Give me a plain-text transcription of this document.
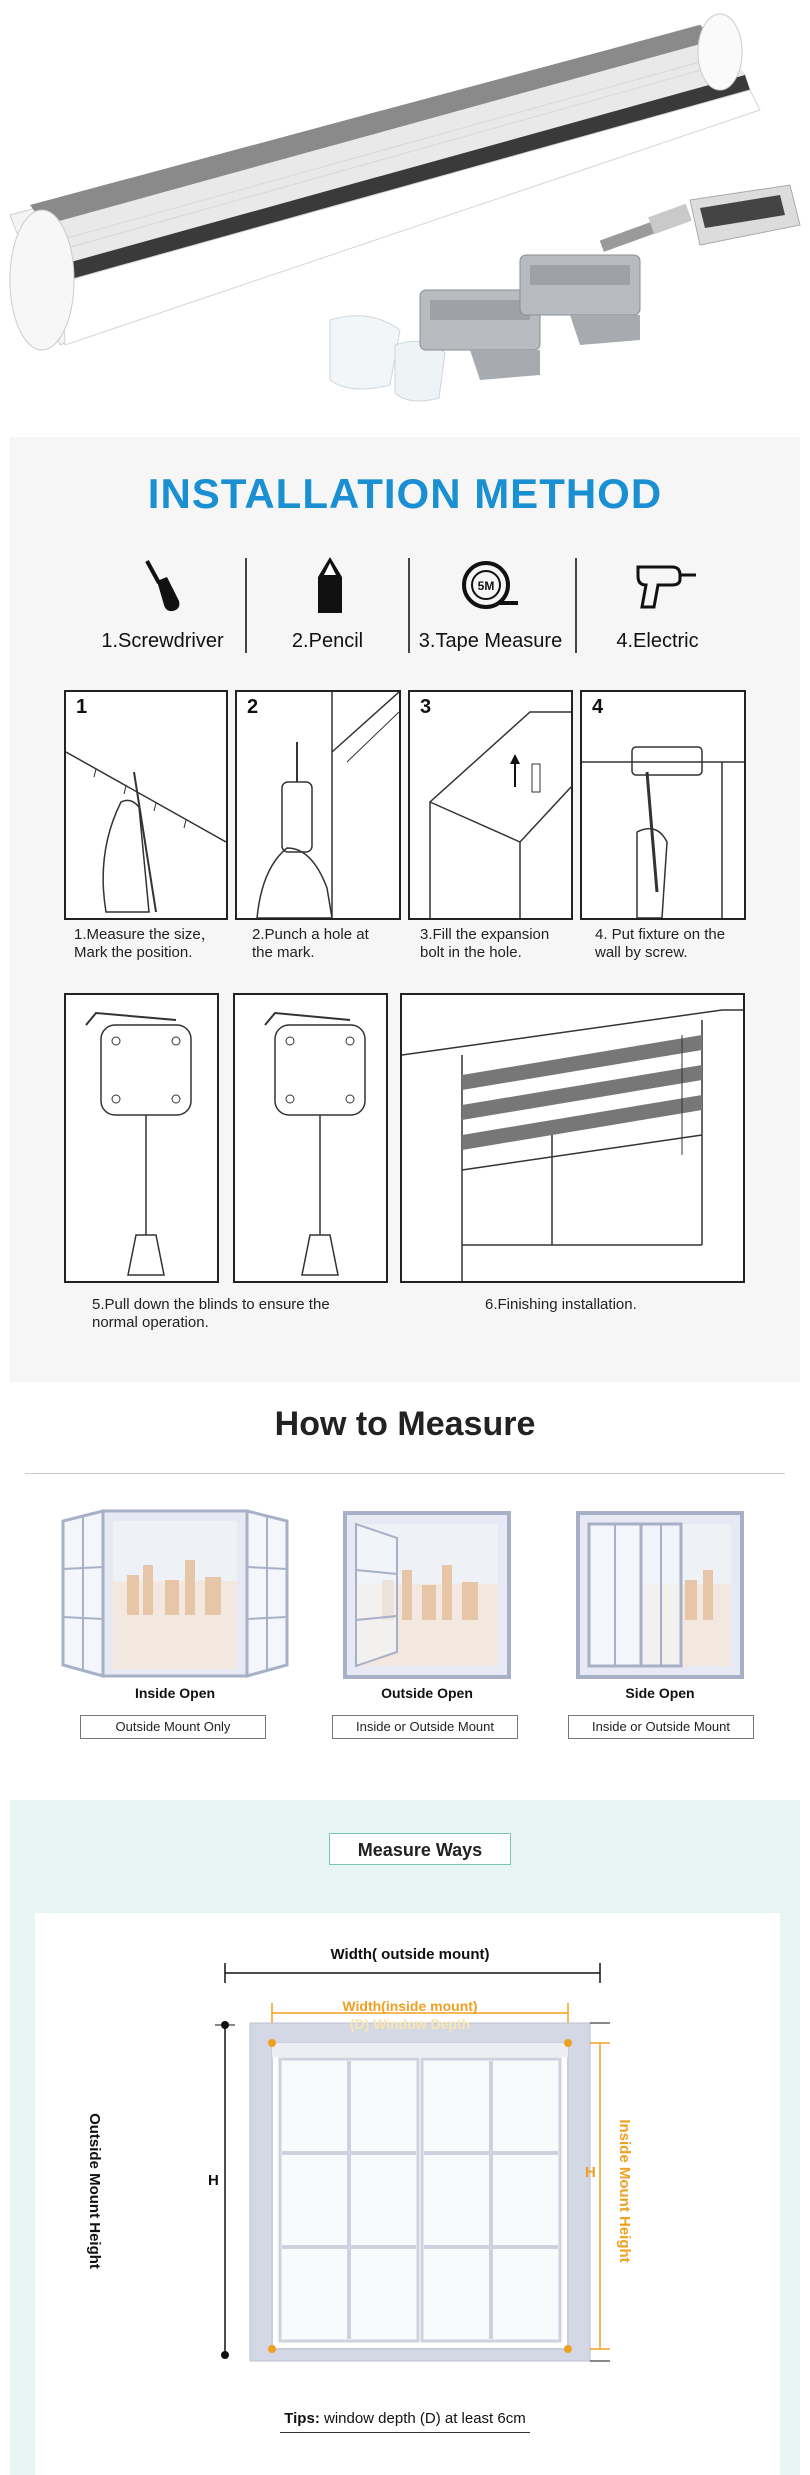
INSTALLATION METHOD
5M
1.Screwdriver	2.Pencil	3.Tape Measure	4.Electric
1	2	3	4
1.Measure the size，
Mark the position.
2.Punch a hole at
the mark.
3.Fill the expansion
bolt in the hole.
4. Put fixture on the
wall by screw.
5.Pull down the blinds to ensure the
normal operation.
6.Finishing installation.
How to Measure
Inside Open	Outside Open	Side Open
Outside Mount Only	Inside or Outside Mount	Inside or Outside Mount
Measure Ways
Width( outside mount)
Width(inside mount)
(D) Window Depth
Outside Mount Height	H	Inside Mount Height
H
Tips: window depth (D) at least 6cm
